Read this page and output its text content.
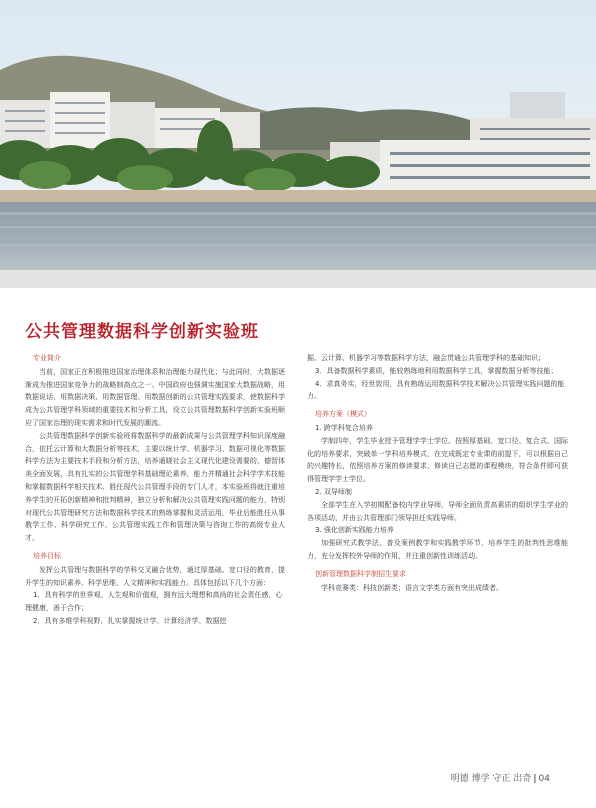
公共管理数据科学创新实验班
专业简介

当前，国家正在积极推进国家治理体系和治理能力现代化；与此同时，大数据逐渐成为推进国家竞争力的战略制高点之一。中国政府也强调实施国家大数据战略，用数据说话、用数据决策、用数据管理、用数据创新的公共管理实践要求，使数据科学成为公共管理学科领域的重要技术和分析工具，设立公共管理数据科学创新实验班顺应了国家治理的现实需求和时代发展的潮流。

公共管理数据科学创新实验班将数据科学的最新成果与公共管理学科知识深度融合，依托云计算和大数据分析等技术，主要以统计学、机器学习、数据可视化等数据科学方法为主要技术手段和分析方法，培养通晓社会主义现代化建设需要的、德智体美全面发展，具有扎实的公共管理学科基础理论素养，能力并精通社会科学学术技能和掌握数据科学相关技术、胜任现代公共管理手段的专门人才，本实验班将就注重培养学生的开拓创新精神和批判精神，独立分析和解决公共管理实践问题的能力，特别对现代公共管理研究方法和数据科学技术的熟练掌握和灵活运用，毕业后能胜任从事教学工作、科学研究工作、公共管理实践工作和管理决策与咨询工作的高级专业人才。

培养目标

发挥公共管理与数据科学的学科交叉融合优势，通过厚基础、宽口径的教育，提升学生的知识素养、科学思维、人文精神和实践能力。具体包括以下几个方面：

1．具有科学的世界观、人生观和价值观，拥有远大理想和高尚的社会责任感，心理健康，善于合作；

2．具有多维学科视野，扎实掌握统计学、计算经济学、数据挖

掘、云计算、机器学习等数据科学方法，融会贯通公共管理学科的基础知识；

3．具备数据科学素质，能较熟练地利用数据科学工具，掌握数据分析等技能；

4．求真务实，经世致用，具有熟练运用数据科学技术解决公共管理实践问题的能力。

培养方案（模式）

1. 跨学科复合培养

学制四年，学生毕业授予管理学学士学位。按照厚基础、宽口径、复合式、国际化的培养要求，突破单一学科培养模式，在完成既定专业课的前提下，可以根据自己的兴趣特长，依照培养方案的修读要求，修读自己志愿的课程模块，符合条件即可获得管理学学士学位。

2. 双导师制

全部学生在入学初期配备校内学业导师，导师全面负责高素质的组织学生学业的各项活动，并由公共管理部门领导担任实践导师。

3. 强化创新实践能力培养

加强研究式教学法，普及案例教学和实践教学环节，培养学生的批判性思维能力，充分发挥校外导师的作用，并注重创新性训练活动。

创新管理数据科学制招生要求

学科竞赛类：科技创新类；语言文学类方面有突出成绩者。

明德 博学 守正 出奇 | 04
